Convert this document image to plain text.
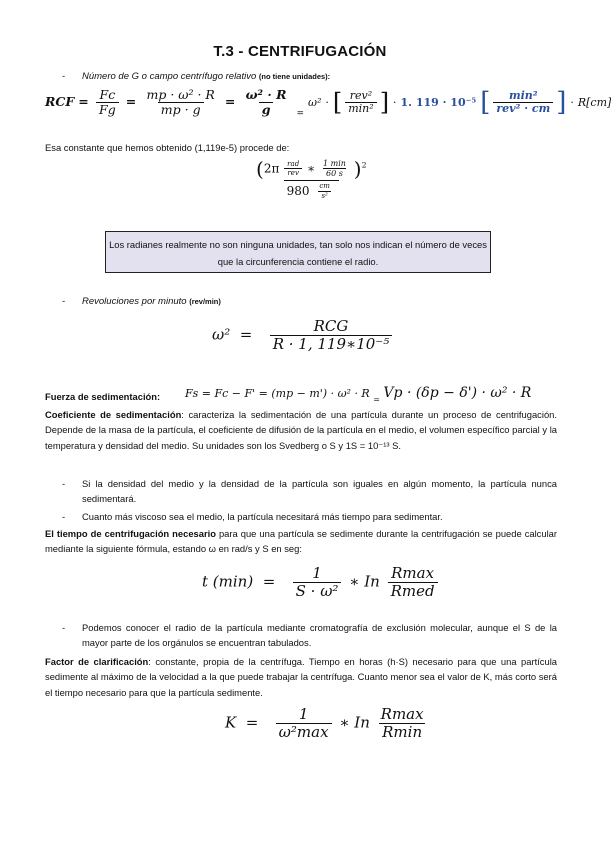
T.3 - CENTRIFUGACIÓN
- Número de G o campo centrífugo relativo (no tiene unidades):
RCF = $\frac{Fc}{Fg} = \frac{\text{mp · ω² · R}}{mp \cdot g} = \frac{\text{ω² · R}}{g} _=$ ω² · [ $\frac{\text{rev²}}{\text{min²}}$ ] · 1. 119 · 10⁻⁵ [ $\frac{\text{min²}}{\text{rev² · cm}}$ ] · R[cm]
Esa constante que hemos obtenido (1,119e-5) procede de:
$\frac{(2\pi \frac{\text{rad}}{\text{rev}} ∗ \frac{1 \min}{60 s} )^2}{980 \frac{cm}{\text{s²}}}$
Los radianes realmente no son ninguna unidades, tan solo nos indican el número de veces que la circunferencia contiene el radio.
- Revoluciones por minuto (rev/min)
$\omega^2 = \frac{\text{RCG}}{\text{R · 1, 119∗10⁻⁵}}$
Fuerza de sedimentación:	Fs = Fc − F' = (mp − m') · ω² · R $_=$ Vp · (δp − δ') · ω² · R
Coeficiente de sedimentación: caracteriza la sedimentación de una partícula durante un proceso de centrifugación. Depende de la masa de la partícula, el coeficiente de difusión de la partícula en el medio, el volumen específico parcial y la temperatura y densidad del medio. Su unidades son los Svedberg o S y 1S = 10⁻¹³ S.
- Si la densidad del medio y la densidad de la partícula son iguales en algún momento, la partícula nunca sedimentará.
- Cuanto más viscoso sea el medio, la partícula necesitará más tiempo para sedimentar.
El tiempo de centrifugación necesario para que una partícula se sedimente durante la centrifugación se puede calcular mediante la siguiente fórmula, estando ω en rad/s y S en seg:
t $(\min) = \frac{1}{\text{S · ω²}}$ ∗ In $\frac{Rmax}{\text{Rmed}}$
- Podemos conocer el radio de la partícula mediante cromatografía de exclusión molecular, aunque el S de la mayor parte de los orgánulos se encuentran tabulados.
Factor de clarificación: constante, propia de la centrífuga. Tiempo en horas (h·S) necesario para que una partícula sedimente al máximo de la velocidad a la que puede trabajar la centrífuga. Cuanto menor sea el valor de K, más corto será el tiempo necesario para que la partícula sedimente.
$K = \frac{1}{\text{ω²max}}$ ∗ In $\frac{Rmax}{Rmin}$
